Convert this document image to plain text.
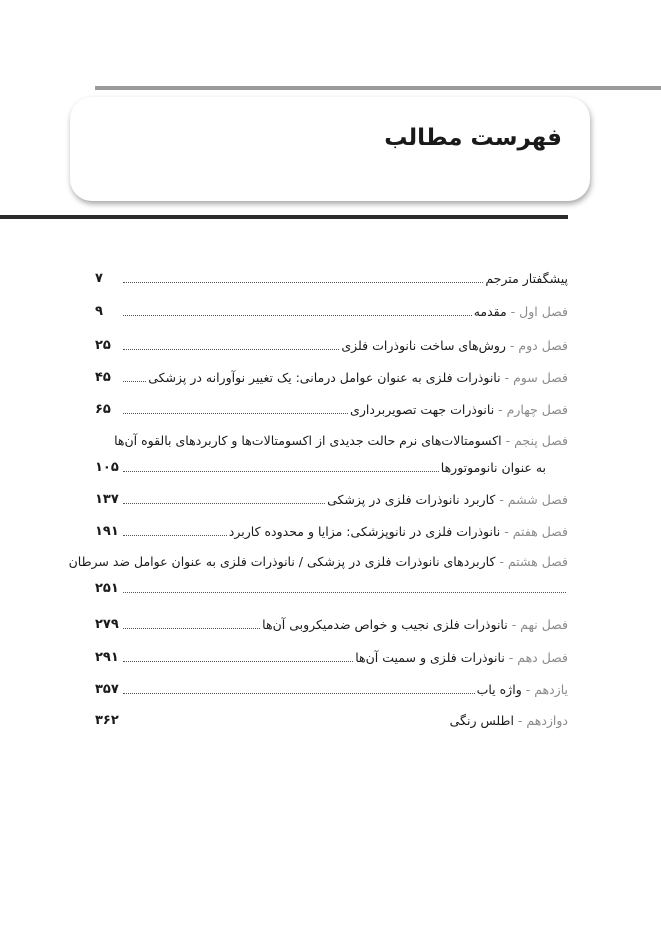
فهرست مطالب
پیشگفتار مترجم
۷
فصل اول - مقدمه
۹
فصل دوم - روش‌های ساخت نانوذرات فلزی
۲۵
فصل سوم - نانوذرات فلزی به عنوان عوامل درمانی: یک تغییر نوآورانه در پزشکی
۴۵
فصل چهارم - نانوذرات جهت تصویربرداری
۶۵
فصل پنجم - اکسومتالات‌های نرم حالت جدیدی از اکسومتالات‌ها و کاربردهای بالقوه آن‌ها
به عنوان نانوموتورها
۱۰۵
فصل ششم - کاربرد نانوذرات فلزی در پزشکی
۱۳۷
فصل هفتم - نانوذرات فلزی در نانوپزشکی: مزایا و محدوده کاربرد
۱۹۱
فصل هشتم - کاربردهای نانوذرات فلزی در پزشکی / نانوذرات فلزی به عنوان عوامل ضد سرطان
۲۵۱
فصل نهم - نانوذرات فلزی نجیب و خواص ضدمیکروبی آن‌ها
۲۷۹
فصل دهم - نانوذرات فلزی و سمیت آن‌ها
۲۹۱
یازدهم - واژه یاب
۳۵۷
دوازدهم - اطلس رنگی
۳۶۲
